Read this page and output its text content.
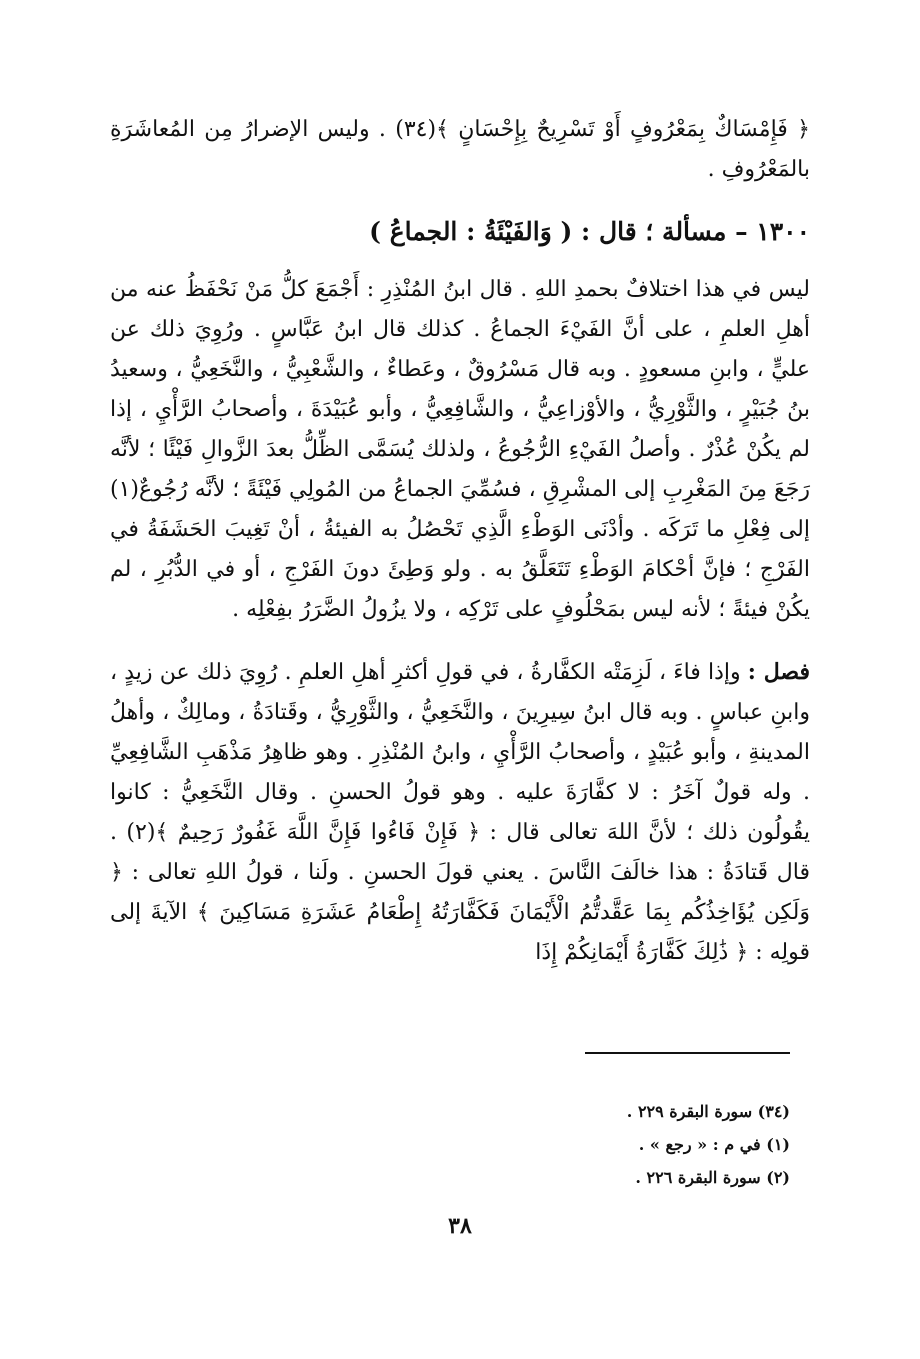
﴿ فَإِمْسَاكٌ بِمَعْرُوفٍ أَوْ تَسْرِيحٌ بِإِحْسَانٍ ﴾(٣٤) . وليس الإضرارُ مِن المُعاشَرَةِ بالمَعْرُوفِ .

١٣٠٠ – مسألة ؛ قال : ( وَالفَيْئَةُ : الجماعُ )

ليس في هذا اختلافٌ بحمدِ اللهِ . قال ابنُ المُنْذِرِ : أَجْمَعَ كلُّ مَنْ نَحْفَظُ عنه من أهلِ العلمِ ، على أنَّ الفَيْءَ الجماعُ . كذلك قال ابنُ عَبَّاسٍ . ورُوِيَ ذلك عن عليٍّ ، وابنِ مسعودٍ . وبه قال مَسْرُوقٌ ، وعَطاءٌ ، والشَّعْبِيُّ ، والنَّخَعِيُّ ، وسعيدُ بنُ جُبَيْرٍ ، والثَّوْرِيُّ ، والأوْزاعِيُّ ، والشَّافِعِيُّ ، وأبو عُبَيْدَةَ ، وأصحابُ الرَّأْيِ ، إذا لم يكُنْ عُذْرٌ . وأصلُ الفَيْءِ الرُّجُوعُ ، ولذلك يُسَمَّى الظِّلُّ بعدَ الزَّوالِ فَيْئًا ؛ لأنَّه رَجَعَ مِنَ المَغْرِبِ إلى المشْرِقِ ، فسُمِّيَ الجماعُ من المُولِي فَيْئَةً ؛ لأنَّه رُجُوعٌ(١) إلى فِعْلِ ما تَرَكَه . وأدْنَى الوَطْءِ الَّذِي تَحْصُلُ به الفيئةُ ، أنْ تَغِيبَ الحَشَفَةُ في الفَرْجِ ؛ فإنَّ أحْكامَ الوَطْءِ تَتَعَلَّقُ به . ولو وَطِئَ دونَ الفَرْجِ ، أو في الدُّبُرِ ، لم يكُنْ فيئةً ؛ لأنه ليس بمَحْلُوفٍ على تَرْكِه ، ولا يزُولُ الضَّرَرُ بفِعْلِه .

فصل : وإذا فاءَ ، لَزِمَتْه الكفَّارةُ ، في قولِ أكثرِ أهلِ العلمِ . رُوِيَ ذلك عن زيدٍ ، وابنِ عباسٍ . وبه قال ابنُ سِيرِينَ ، والنَّخَعِيُّ ، والثَّوْرِيُّ ، وقَتادَةُ ، ومالِكٌ ، وأهلُ المدينةِ ، وأبو عُبَيْدٍ ، وأصحابُ الرَّأْيِ ، وابنُ المُنْذِرِ . وهو ظاهِرُ مَذْهَبِ الشَّافِعِيِّ . وله قولٌ آخَرُ : لا كفَّارَةَ عليه . وهو قولُ الحسنِ . وقال النَّخَعِيُّ : كانوا يقُولُون ذلك ؛ لأنَّ اللهَ تعالى قال : ﴿ فَإِنْ فَاءُوا فَإِنَّ اللَّهَ غَفُورٌ رَحِيمٌ ﴾(٢) . قال قَتادَةُ : هذا خالَفَ النَّاسَ . يعني قولَ الحسنِ . ولَنا ، قولُ اللهِ تعالى : ﴿ وَلَكِن يُؤَاخِذُكُم بِمَا عَقَّدتُّمُ الْأَيْمَانَ فَكَفَّارَتُهُ إِطْعَامُ عَشَرَةِ مَسَاكِينَ ﴾ الآيةَ إلى قولِه : ﴿ ذَٰلِكَ كَفَّارَةُ أَيْمَانِكُمْ إِذَا

(٣٤) سورة البقرة ٢٢٩ .

(١) في م : « رجع » .

(٢) سورة البقرة ٢٢٦ .

٣٨
